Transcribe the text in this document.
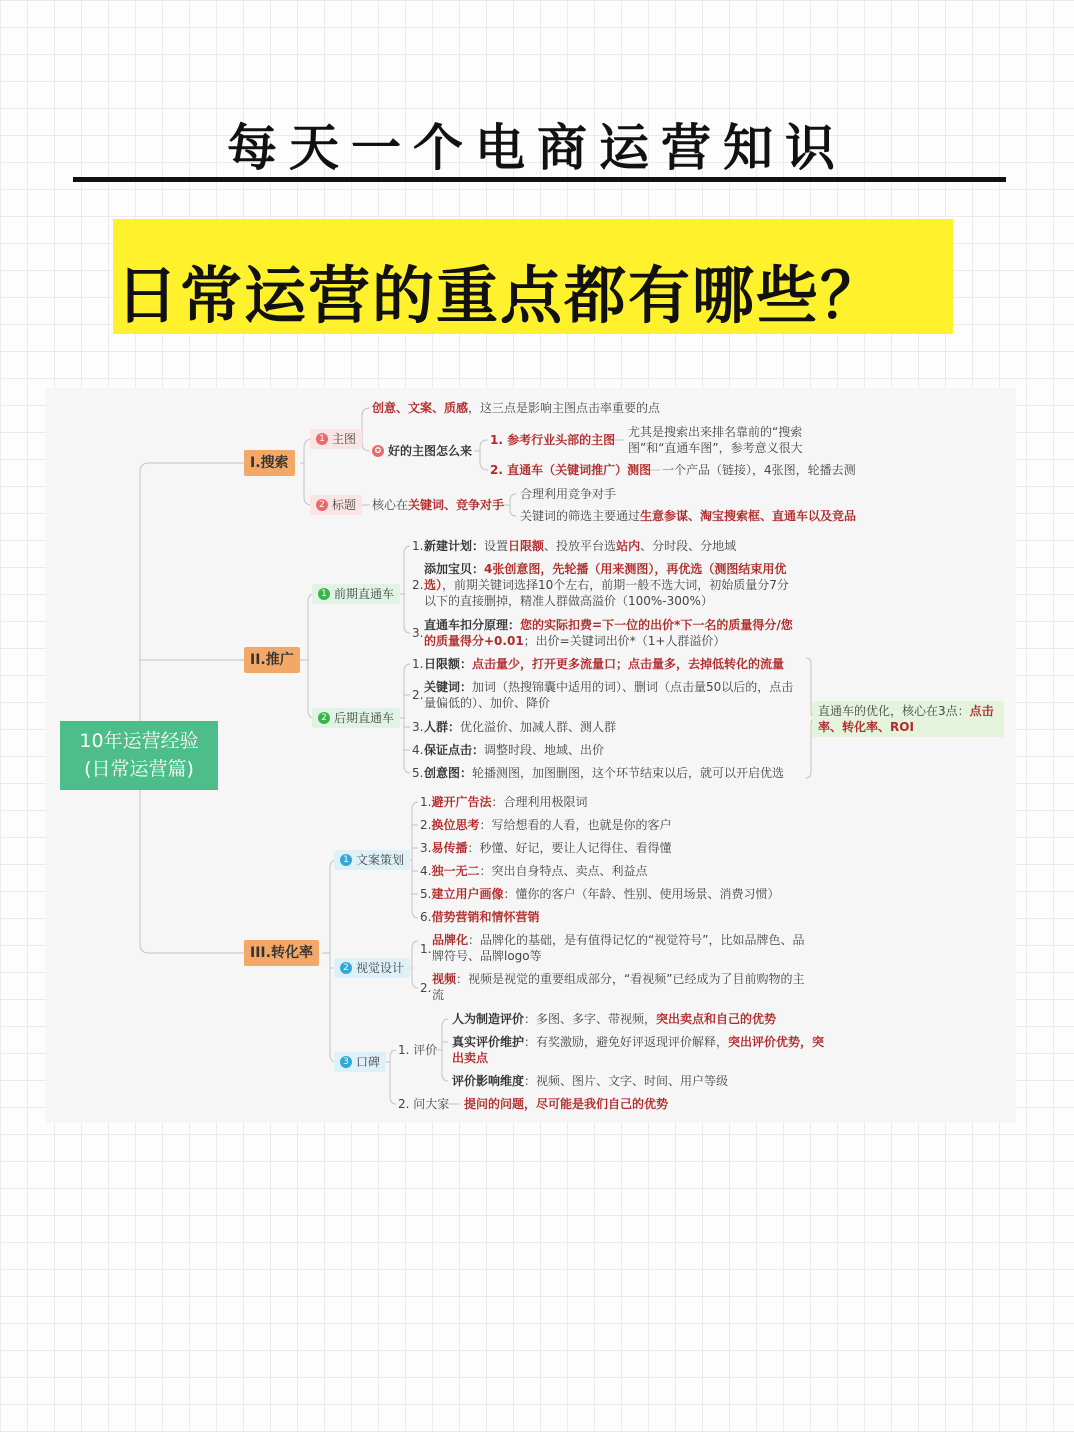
每天一个电商运营知识
日常运营的重点都有哪些？
10年运营经验
(日常运营篇)
I.搜索
1 主图
创意、文案、质感，这三点是影响主图点击率重要的点
✪ 好的主图怎么来
1. 参考行业头部的主图
尤其是搜索出来排名靠前的“搜索图”和“直通车图”，参考意义很大
2. 直通车（关键词推广）测图 一个产品（链接），4张图，轮播去测
2 标题	核心在关键词、竞争对手
合理利用竞争对手
关键词的筛选主要通过生意参谋、淘宝搜索框、直通车以及竞品
II.推广
1 前期直通车
1. 新建计划：设置日限额、投放平台选站内、分时段、分地域
2.
添加宝贝：4张创意图，先轮播（用来测图），再优选（测图结束用优选），前期关键词选择10个左右，前期一般不选大词，初始质量分7分以下的直接删掉，精准人群做高溢价（100%-300%）
3.
直通车扣分原理：您的实际扣费=下一位的出价*下一名的质量得分/您的质量得分+0.01；出价=关键词出价*（1+人群溢价）
2 后期直通车
1. 日限额：点击量少，打开更多流量口；点击量多，去掉低转化的流量
2.
关键词：加词（热搜锦囊中适用的词）、删词（点击量50以后的，点击量偏低的）、加价、降价
3. 人群：优化溢价、加减人群、测人群
4. 保证点击：调整时段、地域、出价
5. 创意图：轮播测图，加图删图，这个环节结束以后，就可以开启优选
直通车的优化，核心在3点：点击率、转化率、ROI
III.转化率
1 文案策划
1.避开广告法：合理利用极限词
2.换位思考：写给想看的人看，也就是你的客户
3.易传播：秒懂、好记，要让人记得住、看得懂
4.独一无二：突出自身特点、卖点、利益点
5.建立用户画像：懂你的客户（年龄、性别、使用场景、消费习惯）
6.借势营销和情怀营销
2 视觉设计
1.
品牌化：品牌化的基础，是有值得记忆的“视觉符号”，比如品牌色、品牌符号、品牌logo等
2.
视频：视频是视觉的重要组成部分，“看视频”已经成为了目前购物的主流
3 口碑
1. 评价
人为制造评价：多图、多字、带视频，突出卖点和自己的优势
真实评价维护：有奖激励，避免好评返现评价解释，突出评价优势，突出卖点
评价影响维度：视频、图片、文字、时间、用户等级
2. 问大家 提问的问题，尽可能是我们自己的优势
